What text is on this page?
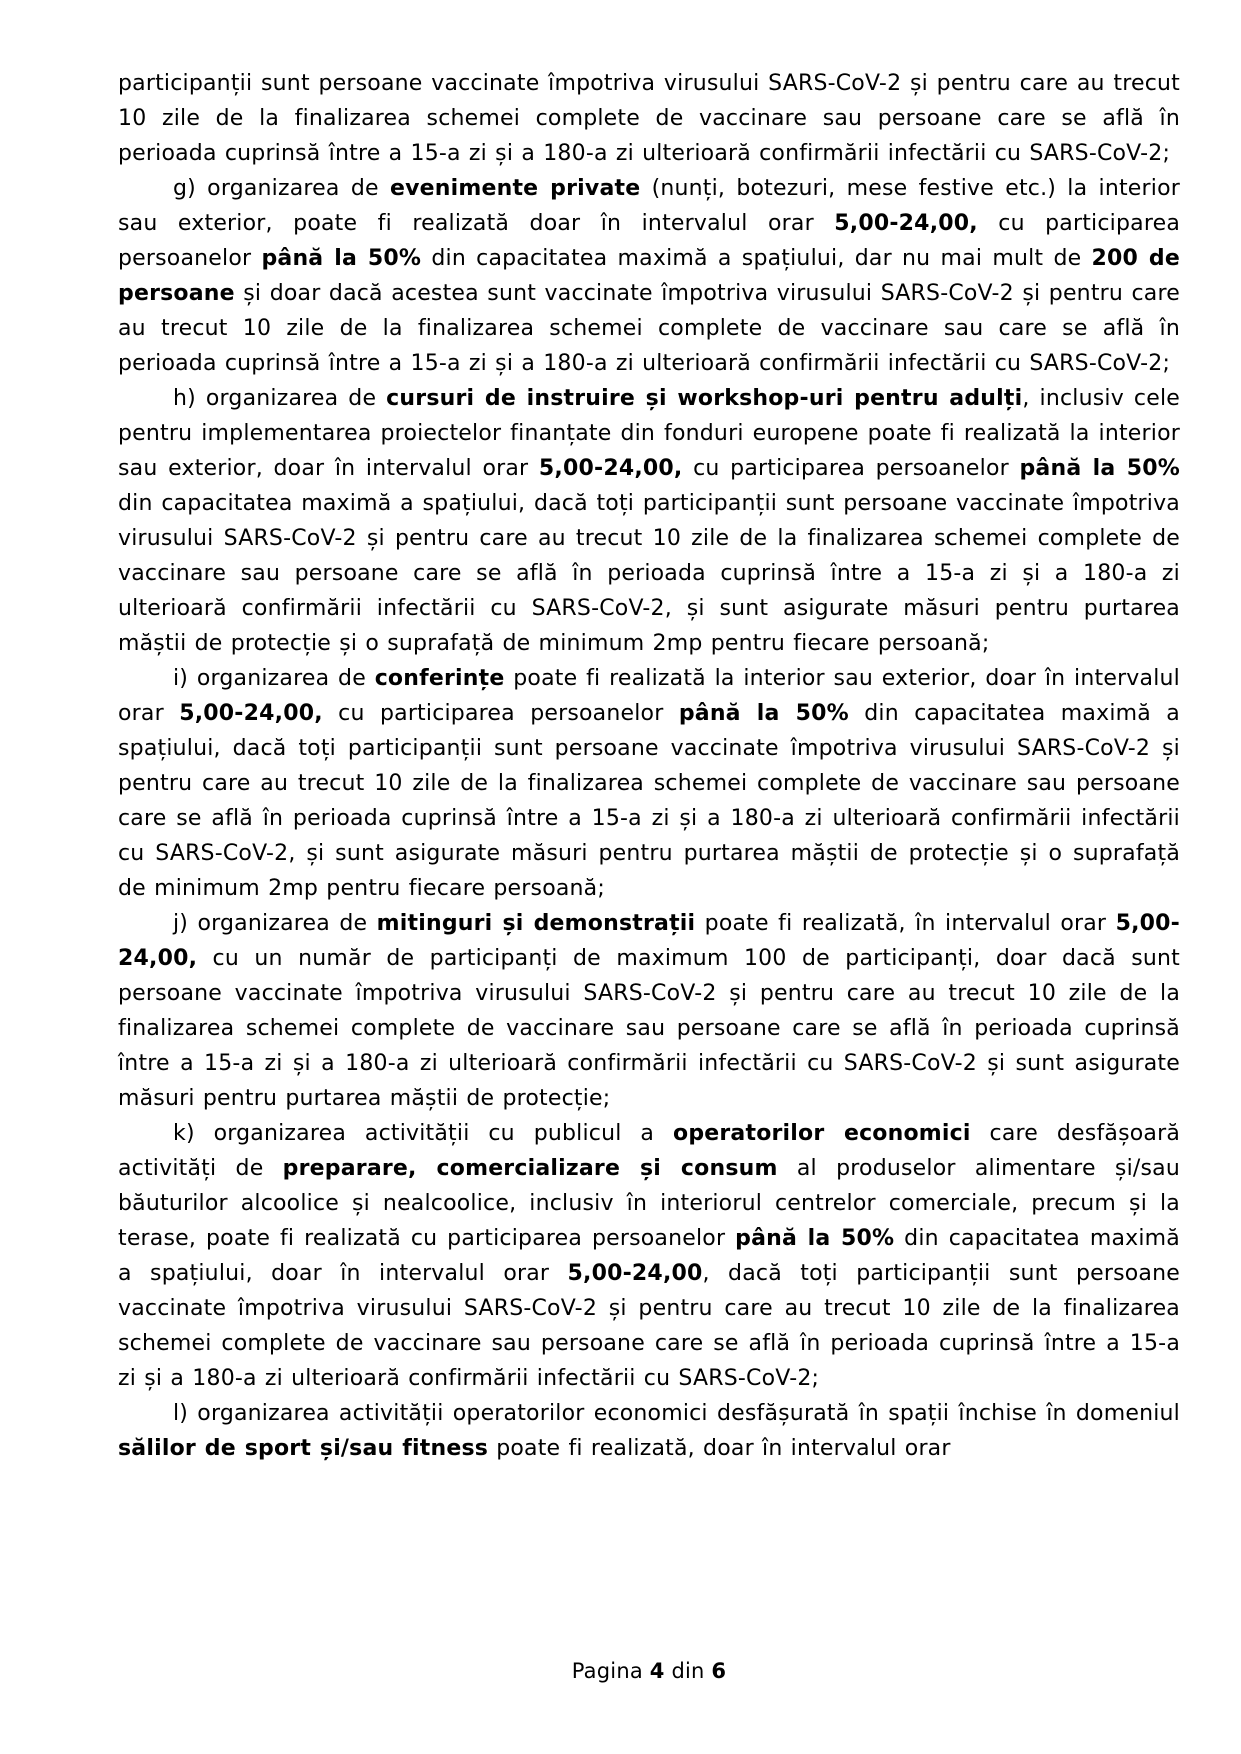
participanții sunt persoane vaccinate împotriva virusului SARS-CoV-2 și pentru care au trecut 10 zile de la finalizarea schemei complete de vaccinare sau persoane care se află în perioada cuprinsă între a 15-a zi și a 180-a zi ulterioară confirmării infectării cu SARS-CoV-2;

g) organizarea de evenimente private (nunți, botezuri, mese festive etc.) la interior sau exterior, poate fi realizată doar în intervalul orar 5,00-24,00, cu participarea persoanelor până la 50% din capacitatea maximă a spațiului, dar nu mai mult de 200 de persoane și doar dacă acestea sunt vaccinate împotriva virusului SARS-CoV-2 și pentru care au trecut 10 zile de la finalizarea schemei complete de vaccinare sau care se află în perioada cuprinsă între a 15-a zi și a 180-a zi ulterioară confirmării infectării cu SARS-CoV-2;

h) organizarea de cursuri de instruire și workshop-uri pentru adulți, inclusiv cele pentru implementarea proiectelor finanțate din fonduri europene poate fi realizată la interior sau exterior, doar în intervalul orar 5,00-24,00, cu participarea persoanelor până la 50% din capacitatea maximă a spațiului, dacă toți participanții sunt persoane vaccinate împotriva virusului SARS-CoV-2 și pentru care au trecut 10 zile de la finalizarea schemei complete de vaccinare sau persoane care se află în perioada cuprinsă între a 15-a zi și a 180-a zi ulterioară confirmării infectării cu SARS-CoV-2, și sunt asigurate măsuri pentru purtarea măștii de protecție și o suprafață de minimum 2mp pentru fiecare persoană;

i) organizarea de conferințe poate fi realizată la interior sau exterior, doar în intervalul orar 5,00-24,00, cu participarea persoanelor până la 50% din capacitatea maximă a spațiului, dacă toți participanții sunt persoane vaccinate împotriva virusului SARS-CoV-2 și pentru care au trecut 10 zile de la finalizarea schemei complete de vaccinare sau persoane care se află în perioada cuprinsă între a 15-a zi și a 180-a zi ulterioară confirmării infectării cu SARS-CoV-2, și sunt asigurate măsuri pentru purtarea măștii de protecție și o suprafață de minimum 2mp pentru fiecare persoană;

j) organizarea de mitinguri și demonstrații poate fi realizată, în intervalul orar 5,00-24,00, cu un număr de participanți de maximum 100 de participanți, doar dacă sunt persoane vaccinate împotriva virusului SARS-CoV-2 și pentru care au trecut 10 zile de la finalizarea schemei complete de vaccinare sau persoane care se află în perioada cuprinsă între a 15-a zi și a 180-a zi ulterioară confirmării infectării cu SARS-CoV-2 și sunt asigurate măsuri pentru purtarea măștii de protecție;

k) organizarea activității cu publicul a operatorilor economici care desfășoară activități de preparare, comercializare și consum al produselor alimentare și/sau băuturilor alcoolice și nealcoolice, inclusiv în interiorul centrelor comerciale, precum și la terase, poate fi realizată cu participarea persoanelor până la 50% din capacitatea maximă a spațiului, doar în intervalul orar 5,00-24,00, dacă toți participanții sunt persoane vaccinate împotriva virusului SARS-CoV-2 și pentru care au trecut 10 zile de la finalizarea schemei complete de vaccinare sau persoane care se află în perioada cuprinsă între a 15-a zi și a 180-a zi ulterioară confirmării infectării cu SARS-CoV-2;

l) organizarea activității operatorilor economici desfășurată în spații închise în domeniul sălilor de sport și/sau fitness poate fi realizată, doar în intervalul orar

Pagina 4 din 6
